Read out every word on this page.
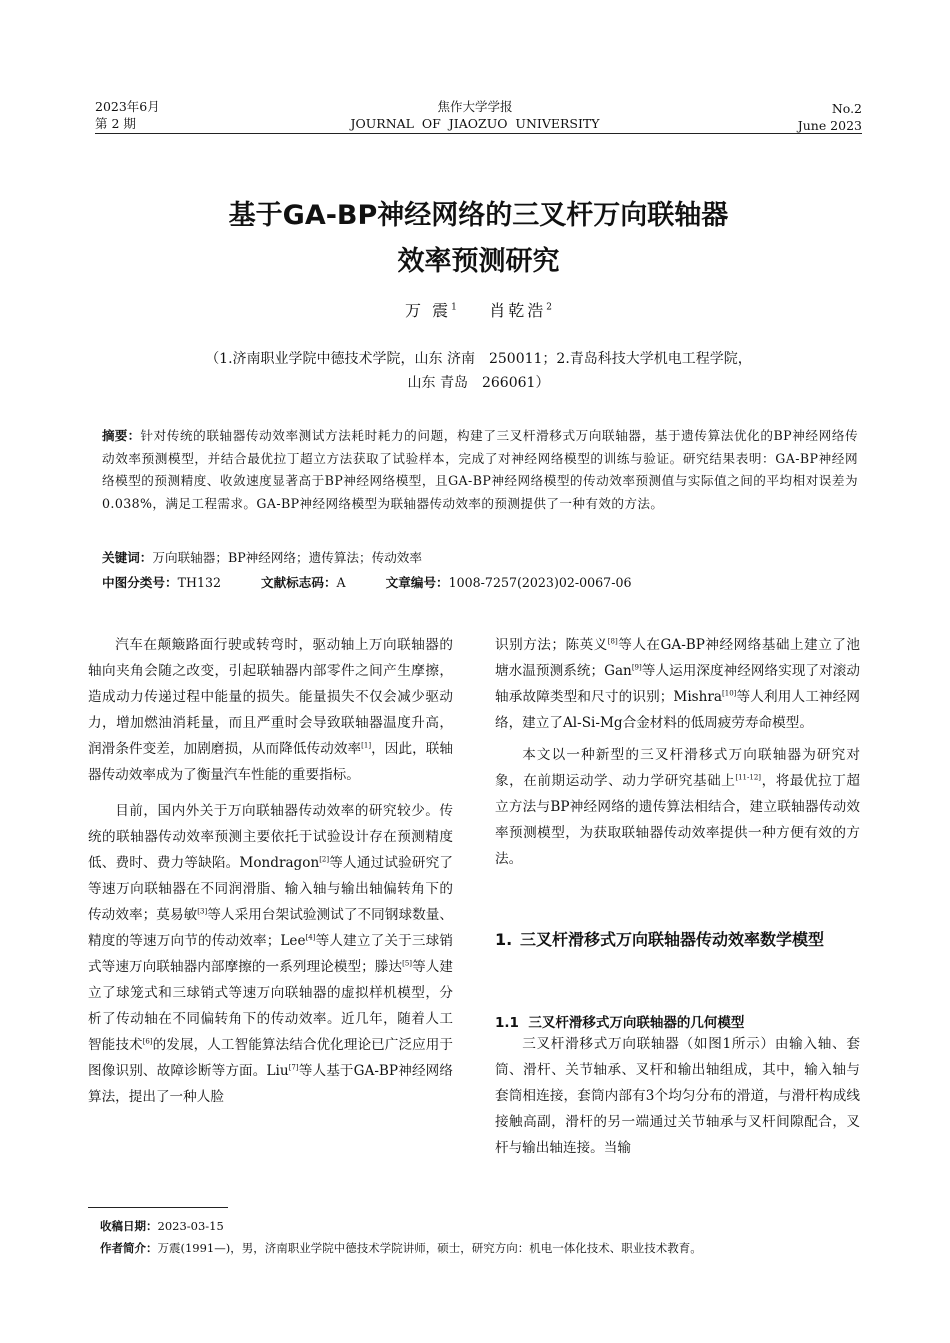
2023年6月
第 2 期
焦作大学学报
JOURNAL  OF  JIAOZUO  UNIVERSITY
No.2
June 2023
基于GA-BP神经网络的三叉杆万向联轴器
效率预测研究
万 震$^1$ 肖乾浩$^2$
（1.济南职业学院中德技术学院，山东 济南　250011；2.青岛科技大学机电工程学院，
山东 青岛　266061）
摘要：针对传统的联轴器传动效率测试方法耗时耗力的问题，构建了三叉杆滑移式万向联轴器，基于遗传算法优化的BP神经网络传动效率预测模型，并结合最优拉丁超立方法获取了试验样本，完成了对神经网络模型的训练与验证。研究结果表明：GA-BP神经网络模型的预测精度、收敛速度显著高于BP神经网络模型，且GA-BP神经网络模型的传动效率预测值与实际值之间的平均相对误差为0.038%，满足工程需求。GA-BP神经网络模型为联轴器传动效率的预测提供了一种有效的方法。
关键词：万向联轴器；BP神经网络；遗传算法；传动效率
中图分类号：TH132	文献标志码：A	文章编号：1008-7257(2023)02-0067-06

汽车在颠簸路面行驶或转弯时，驱动轴上万向联轴器的轴向夹角会随之改变，引起联轴器内部零件之间产生摩擦，造成动力传递过程中能量的损失。能量损失不仅会减少驱动力，增加燃油消耗量，而且严重时会导致联轴器温度升高，润滑条件变差，加剧磨损，从而降低传动效率[1]，因此，联轴器传动效率成为了衡量汽车性能的重要指标。

目前，国内外关于万向联轴器传动效率的研究较少。传统的联轴器传动效率预测主要依托于试验设计存在预测精度低、费时、费力等缺陷。Mondragon[2]等人通过试验研究了等速万向联轴器在不同润滑脂、输入轴与输出轴偏转角下的传动效率；莫易敏[3]等人采用台架试验测试了不同钢球数量、精度的等速万向节的传动效率；Lee[4]等人建立了关于三球销式等速万向联轴器内部摩擦的一系列理论模型；滕达[5]等人建立了球笼式和三球销式等速万向联轴器的虚拟样机模型，分析了传动轴在不同偏转角下的传动效率。近几年，随着人工智能技术[6]的发展，人工智能算法结合优化理论已广泛应用于图像识别、故障诊断等方面。Liu[7]等人基于GA-BP神经网络算法，提出了一种人脸

识别方法；陈英义[8]等人在GA-BP神经网络基础上建立了池塘水温预测系统；Gan[9]等人运用深度神经网络实现了对滚动轴承故障类型和尺寸的识别；Mishra[10]等人利用人工神经网络，建立了Al-Si-Mg合金材料的低周疲劳寿命模型。

本文以一种新型的三叉杆滑移式万向联轴器为研究对象，在前期运动学、动力学研究基础上[11-12]，将最优拉丁超立方法与BP神经网络的遗传算法相结合，建立联轴器传动效率预测模型，为获取联轴器传动效率提供一种方便有效的方法。

1. 三叉杆滑移式万向联轴器传动效率数学模型
1.1  三叉杆滑移式万向联轴器的几何模型

三叉杆滑移式万向联轴器（如图1所示）由输入轴、套筒、滑杆、关节轴承、叉杆和输出轴组成，其中，输入轴与套筒相连接，套筒内部有3个均匀分布的滑道，与滑杆构成线接触高副，滑杆的另一端通过关节轴承与叉杆间隙配合，叉杆与输出轴连接。当输

收稿日期：2023-03-15
作者简介：万震(1991—)，男，济南职业学院中德技术学院讲师，硕士，研究方向：机电一体化技术、职业技术教育。
